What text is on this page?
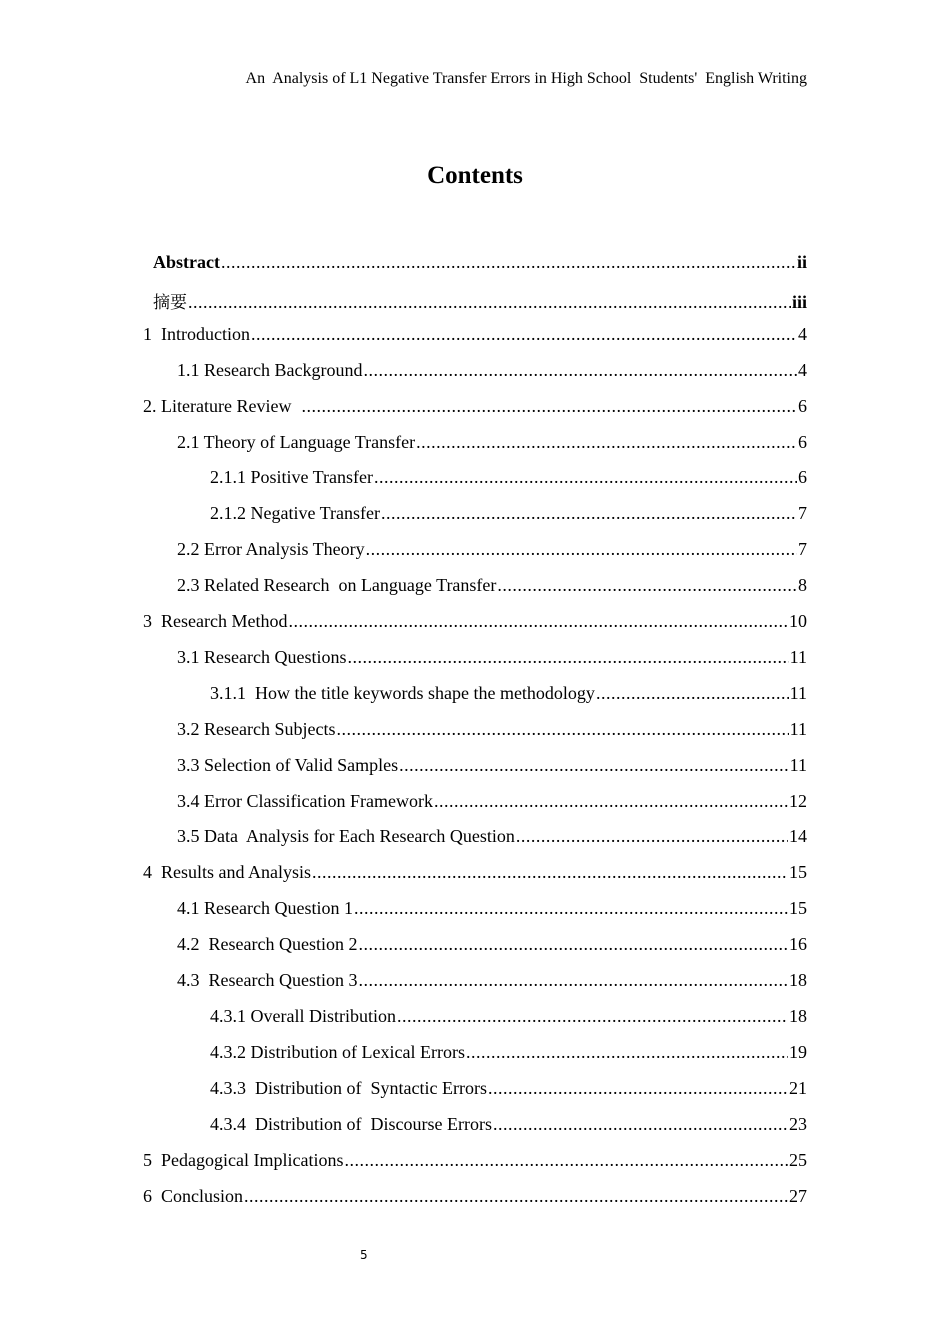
An  Analysis of L1 Negative Transfer Errors in High School  Students'  English Writing
Contents
Abstract .....	ii
摘要 .....	iii
1  Introduction .....	4
1.1 Research Background .....	4
2. Literature Review .....	6
2.1 Theory of Language Transfer .....	6
2.1.1 Positive Transfer .....	6
2.1.2 Negative Transfer .....	7
2.2 Error Analysis Theory .....	7
2.3 Related Research  on Language Transfer .....	8
3  Research Method .....	10
3.1 Research Questions .....	11
3.1.1  How the title keywords shape the methodology .....	11
3.2 Research Subjects .....	11
3.3 Selection of Valid Samples .....	11
3.4 Error Classification Framework .....	12
3.5 Data  Analysis for Each Research Question .....	14
4  Results and Analysis .....	15
4.1 Research Question 1 .....	15
4.2  Research Question 2 .....	16
4.3  Research Question 3 .....	18
4.3.1 Overall Distribution .....	18
4.3.2 Distribution of Lexical Errors .....	19
4.3.3  Distribution of  Syntactic Errors .....	21
4.3.4  Distribution of  Discourse Errors .....	23
5  Pedagogical Implications .....	25
6  Conclusion .....	27
5
